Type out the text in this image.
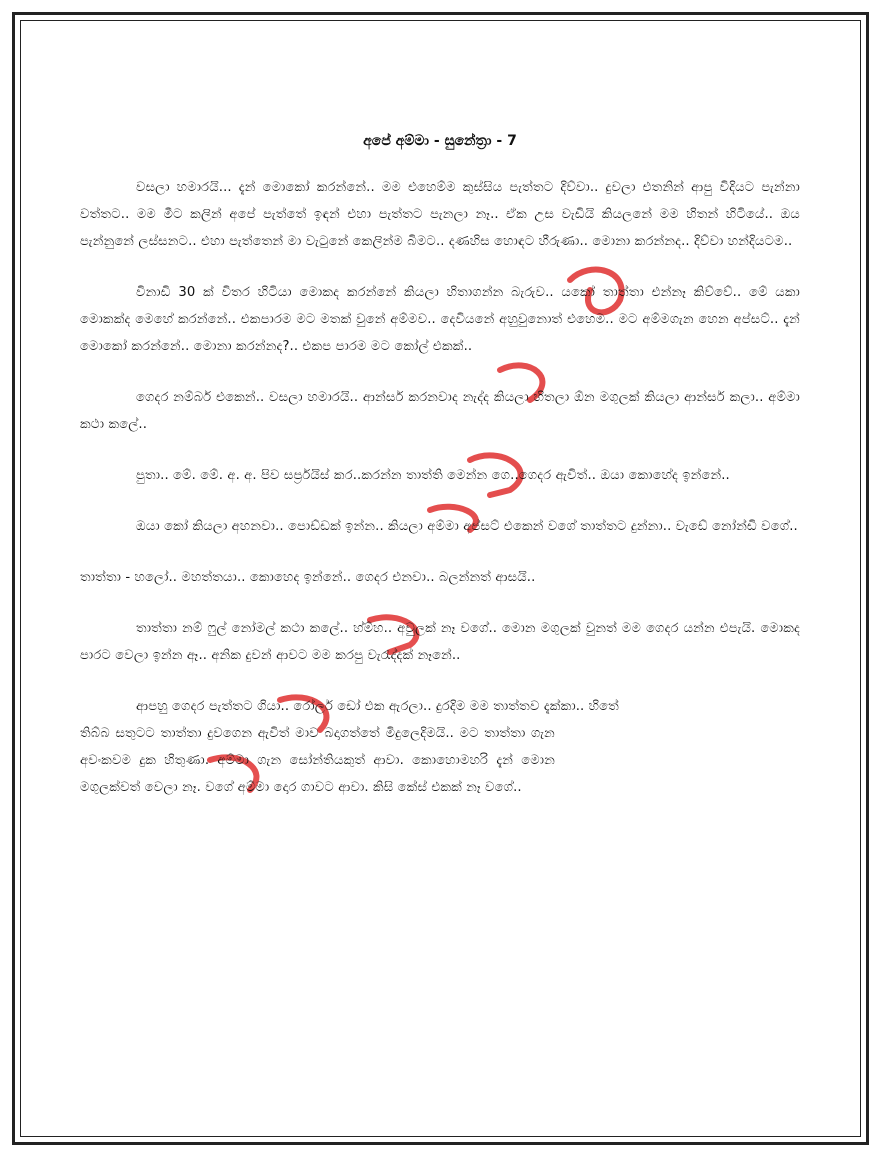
අපේ අම්මා - සුනේත්‍රා - 7

වසලා හමාරයි... දැන් මොකෝ කරන්නේ.. මම එහෙම්ම කුස්සිය පැත්තට දිව්වා.. දුවලා එතනින් ආපු විදියට පැන්නා වත්තට.. මම මීට කලින් අපේ පැත්තේ ඉඳන් එහා පැත්තට පැනලා නෑ.. ඒක උස වැඩියි කියලනේ මම හිතන් හිටියේ.. ඔය පැන්නුනේ ලස්සනට.. එහා පැත්තෙන් මා වැටුනේ කෙලින්ම බිමට.. දණහිස හොඳට හීරුණා.. මොනා කරන්නද.. දිව්වා හන්දියටම..

විනාඩි 30 ක් විතර හිටියා මොකද කරන්නේ කියලා හිතාගන්න බැරුව.. යකෝ තාත්තා එන්නෑ කිව්වේ.. මේ යකා මොකක්ද මෙහේ කරන්නේ.. එකපාරම මට මතක් වුනේ අම්මව.. දෙවියනේ අහුවුනොත් එහෙම.. මට අම්මගැන හෙන අප්සට්.. දැන් මොකෝ කරන්නේ.. මොනා කරන්නද?.. එකප පාරම මට කෝල් එකක්..

ගෙදර නම්බර් එකෙන්.. වසලා හමාරයි.. ආන්සර් කරනවාද නැද්ද කියලා හිතලා ඕන මගුලක් කියලා ආන්සර් කලා.. අම්මා කථා කලේ..

පුතා.. මේ. මේ. අ. අ. පිව සර්ප්‍රයිස් කර..කරන්න තාත්ති මෙන්න ගෙ..ගෙදර ඇවිත්.. ඔයා කොහේද ඉන්නේ..

ඔයා කෝ කියලා අහනවා.. පොඩ්ඩක් ඉන්න.. කියලා අම්මා අප්සට් එකෙන් වගේ තාත්තට දුන්නා.. වැඩේ නෝන්ඩි වගේ..

තාත්තා - හලෝ.. මහත්තයා.. කොහෙද ඉන්නේ.. ගෙදර එනවා.. බලන්නත් ආසයි..

තාත්තා නම් ෆුල් නෝමල් කථා කලේ.. හ්ම්හ.. අවුලක් නෑ වගේ.. මොන මගුලක් වුනත් මම ගෙදර යන්න එපැයි. මොකද පාරට වෙලා ඉන්න ඈ.. අනික දුවන් ආවට මම කරපු වැරැද්දක් නෑනේ..

ආපහු ගෙදර පැත්තට ගියා.. රෝලර් ඩෝ එක ඇරලා.. දුරදිම මම තාත්තව දැක්කා.. හිතේ

තිබ්බ සතුටට තාත්තා දුවගෙන ඇවිත් මාව බදාගත්තේ මිදුලෙදිමයි.. මට තාත්තා ගැන අවංකවම දුක හිතුණා. අම්මා ගැන සෝන්තියකුත් ආවා. කොහොමහරි දැන් මොන මගුලක්වත් වෙලා නෑ. වගේ අම්මා දොර ගාවට ආවා. කිසි කේස් එකක් නෑ වගේ..
